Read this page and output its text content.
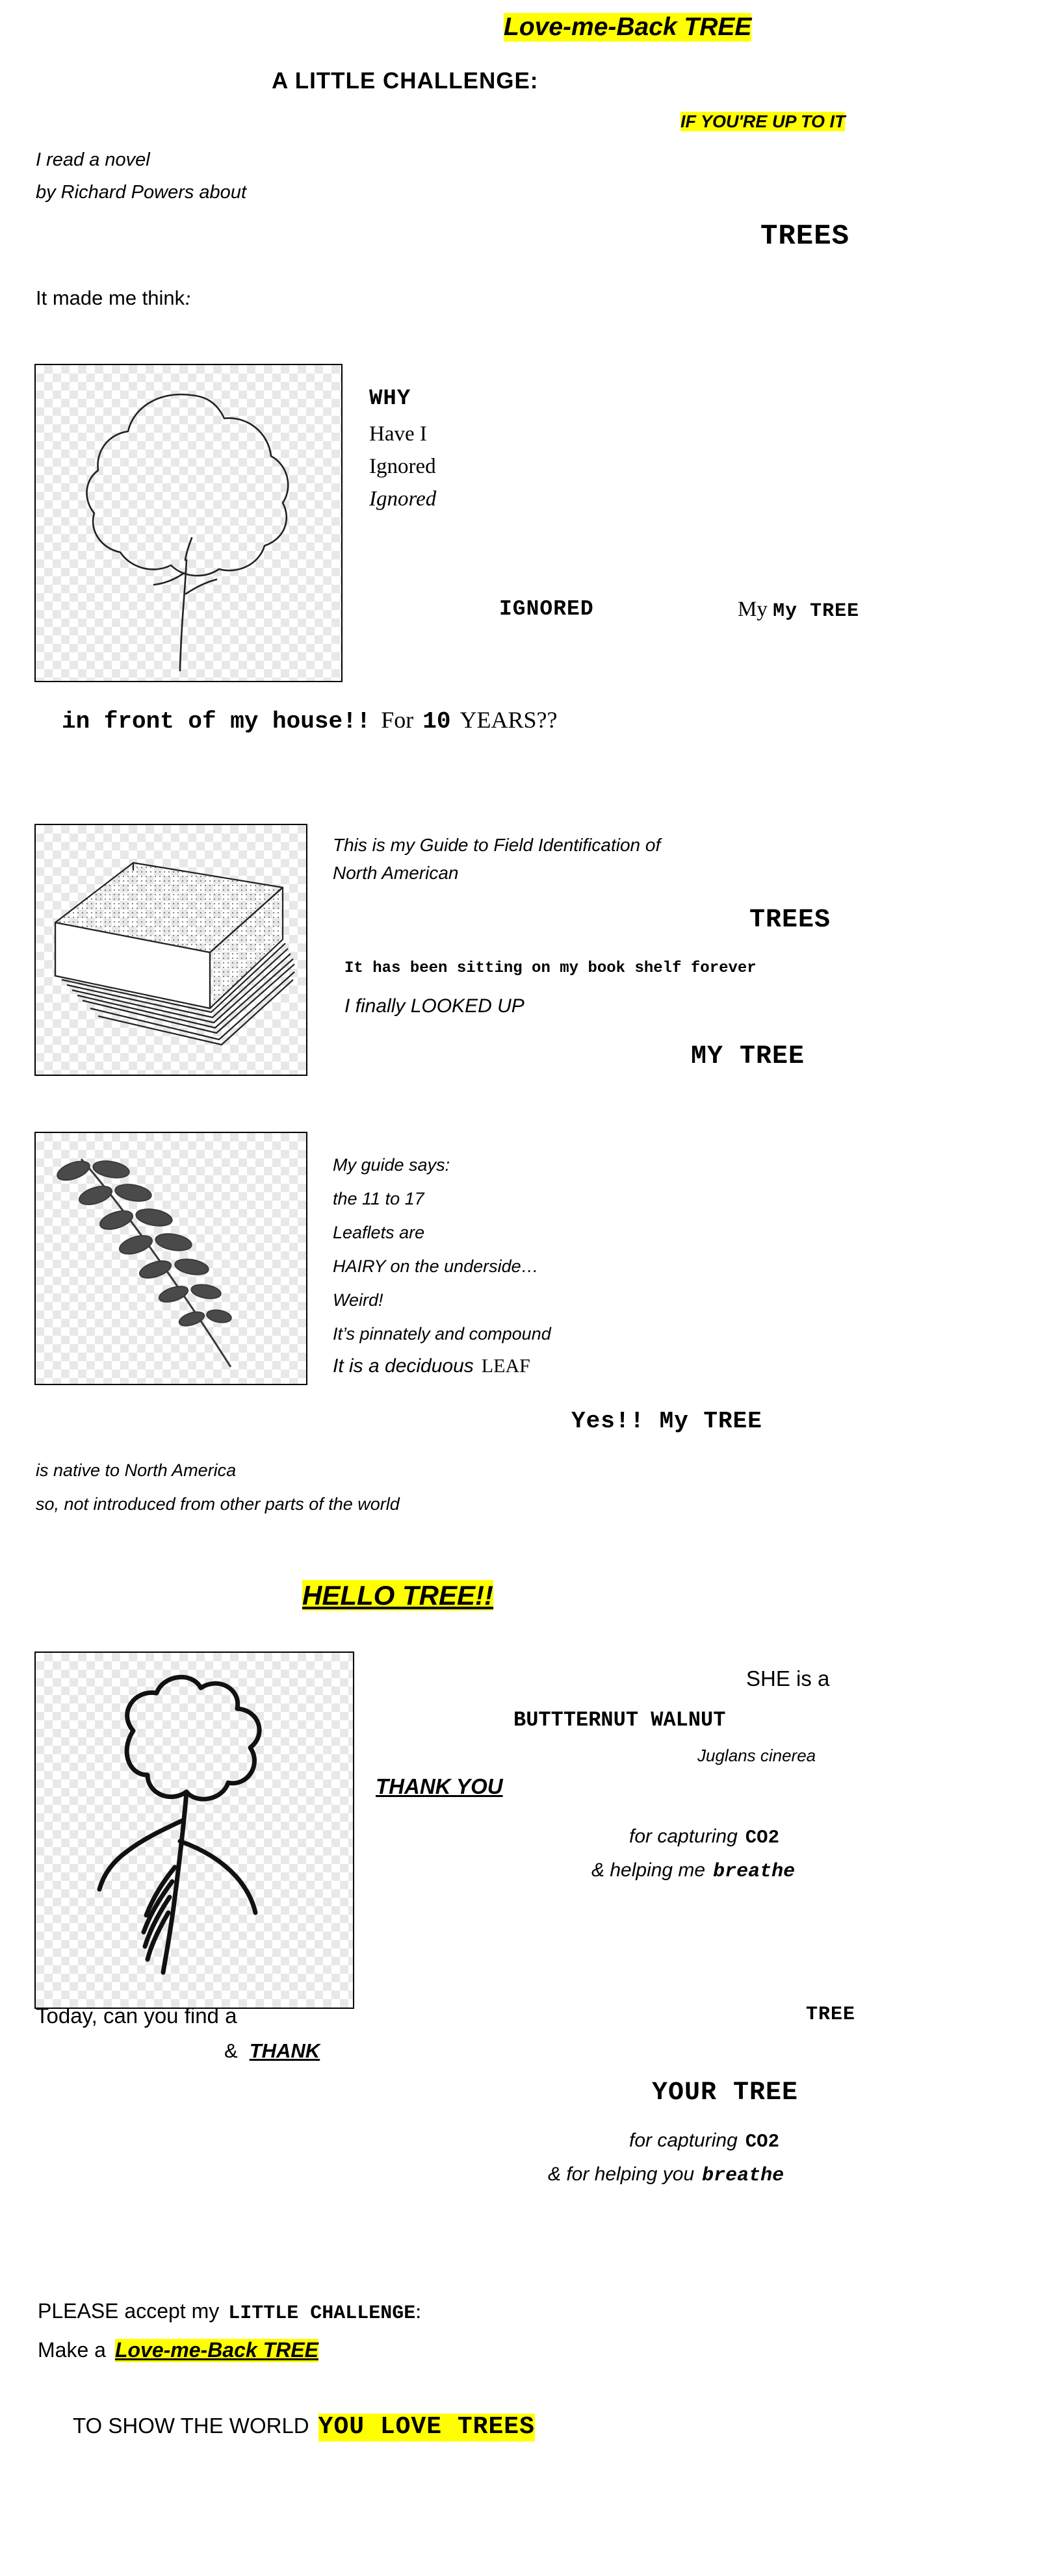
Love-me-Back TREE
A LITTLE CHALLENGE:
IF YOU'RE UP TO IT
I read a novel
by Richard Powers about
TREES
It made me think :
WHY
Have I
Ignored
Ignored
IGNORED	My My TREE
in front of my house!! For 10 YEARS??
This is my Guide to Field Identification of
North American
TREES
It has been sitting on my book shelf forever
I finally LOOKED UP
MY TREE
My guide says:
the 11 to 17
Leaflets are
HAIRY on the underside…
Weird!
It’s pinnately and compound
It is a deciduous LEAF
Yes!! My TREE
is native to North America
so, not introduced from other parts of the world
HELLO TREE!!
SHE is a
BUTTTERNUT WALNUT
Juglans cinerea
THANK YOU
for capturing CO2
& helping me breathe
Today, can you find a	TREE
& THANK
YOUR TREE
for capturing CO2
& for helping you breathe
PLEASE accept my LITTLE CHALLENGE :
Make a Love-me-Back TREE
TO SHOW THE WORLD YOU LOVE TREES
